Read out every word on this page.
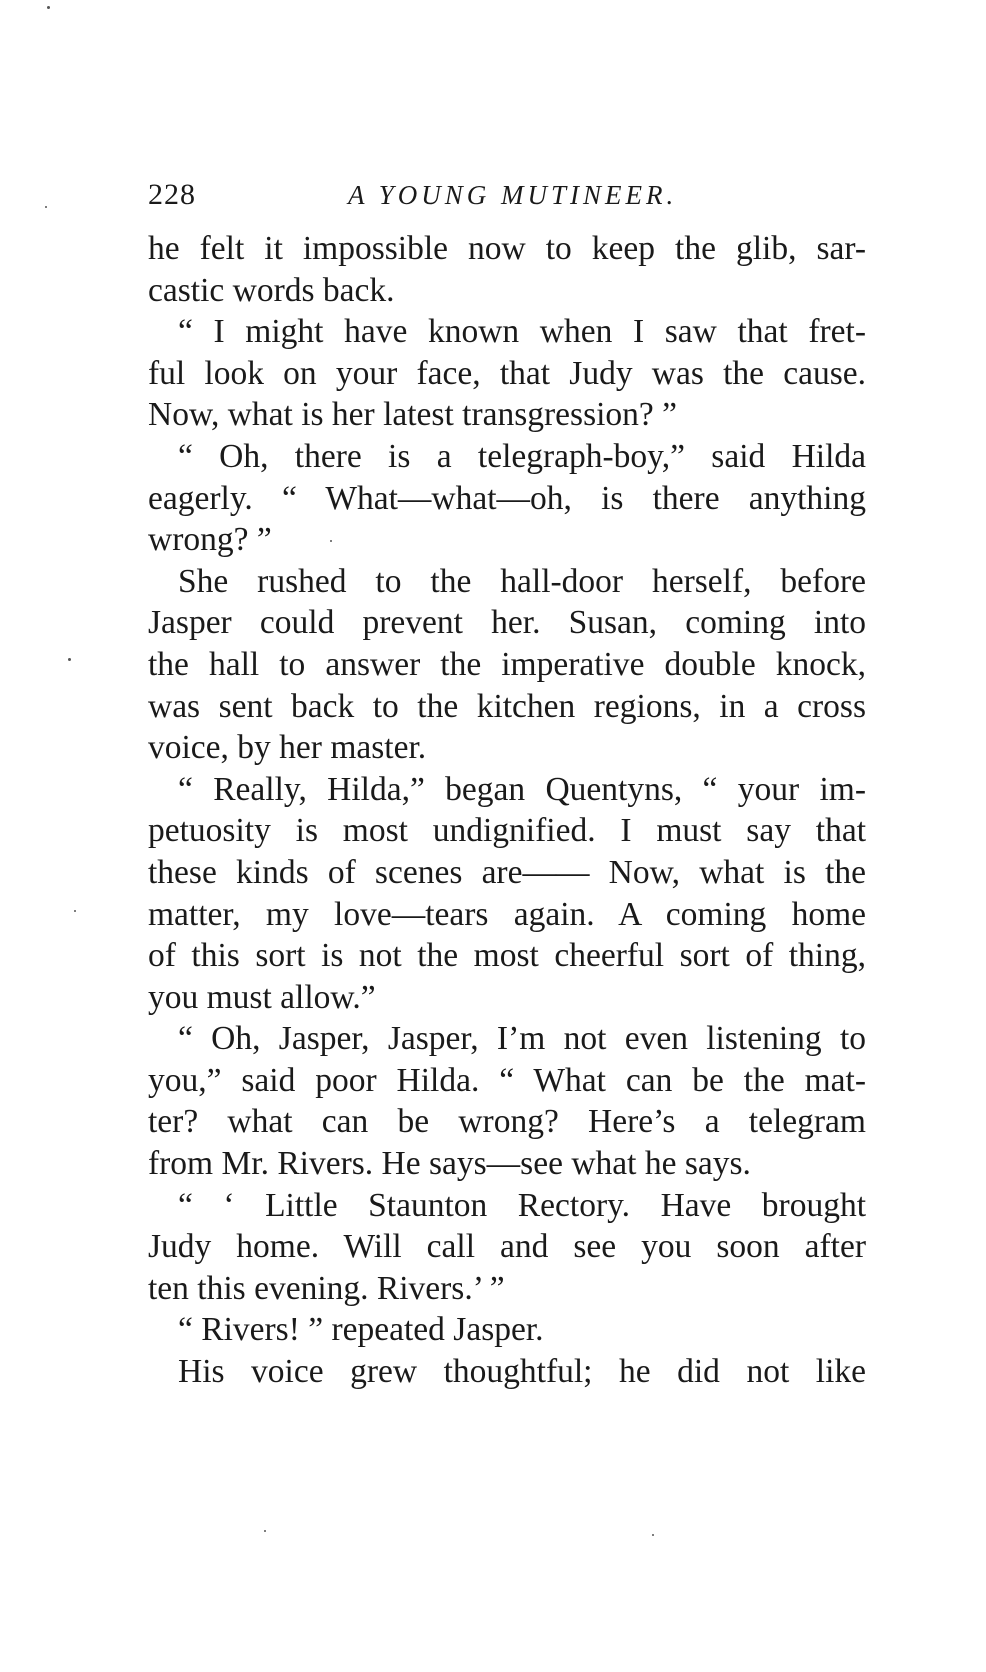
228	A YOUNG MUTINEER.
he felt it impossible now to keep the glib, sar-
castic words back.
“ I might have known when I saw that fret-
ful look on your face, that Judy was the cause.
Now, what is her latest transgression? ”
“ Oh, there is a telegraph-boy,” said Hilda
eagerly. “ What—what—oh, is there anything
wrong? ”
She rushed to the hall-door herself, before
Jasper could prevent her. Susan, coming into
the hall to answer the imperative double knock,
was sent back to the kitchen regions, in a cross
voice, by her master.
“ Really, Hilda,” began Quentyns, “ your im-
petuosity is most undignified. I must say that
these kinds of scenes are—— Now, what is the
matter, my love—tears again. A coming home
of this sort is not the most cheerful sort of thing,
you must allow.”
“ Oh, Jasper, Jasper, I’m not even listening to
you,” said poor Hilda. “ What can be the mat-
ter? what can be wrong? Here’s a telegram
from Mr. Rivers. He says—see what he says.
“ ‘ Little Staunton Rectory. Have brought
Judy home. Will call and see you soon after
ten this evening. Rivers.’ ”
“ Rivers! ” repeated Jasper.
His voice grew thoughtful; he did not like
